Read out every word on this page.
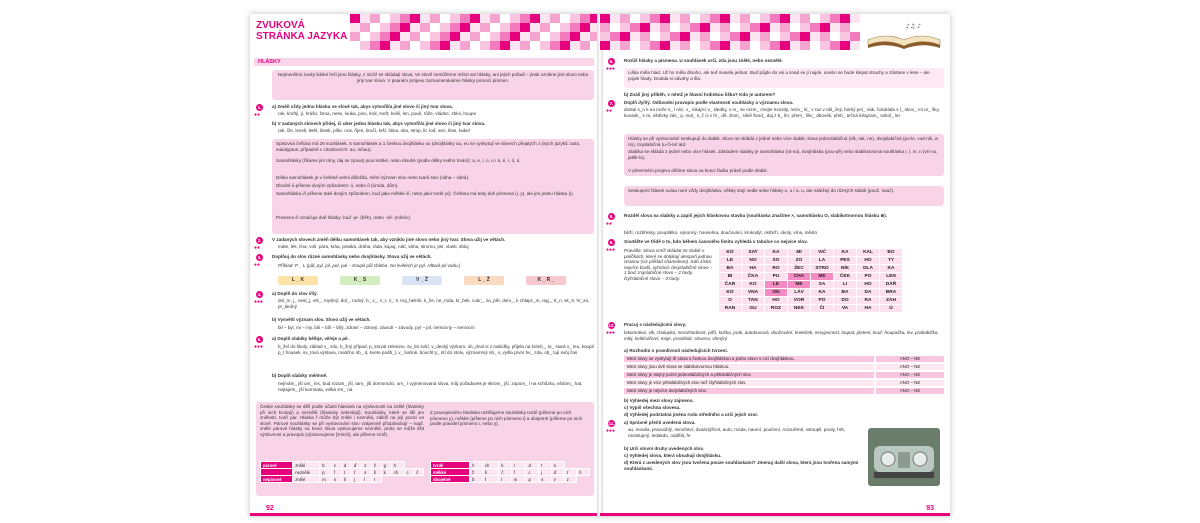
ZVUKOVÁ
STRÁNKA JAZYKA
HLÁSKY
Nejmenšími zvuky lidské řeči jsou hlásky, z nichž se skládají slova. Ve slově nemůžeme měnit ani hlásky, ani jejich pořadí – jinak vznikne jiné slovo nebo jiný tvar slova. V psaném projevu zaznamenáváme hlásky pomocí písmen.
1.
●●
a) Změň vždy jednu hlásku ve slově tak, abys vytvořil/a jiné slovo či jiný tvar slova.
rak, kroftý, jí, hrášo, žena, nese, louka, pivo, král, mořt, kvěli, len, poulí, růže, vládne, zbloi, houpe
b) V zadaných slovech přidej, či uber jednu hlásku tak, abys vytvořil/a jiné slovo či jiný tvar slova.
rak, lže, lezeš, letět, blesk, píše, nos, říjen, bručí, krší, litina, oka, strop, lit, loď, sen, klas, kabel
Spisovná čeština má 26 souhlásek, 5 samohlásek a 1 českou dvojhlásku ou (dvojhlásky au, eu se vyskytují ve slovech přejatých z jiných jazyků: auto, eukalyptus; případně v citoslovcích: au, mňau).
Samohlásky (říkáme jim tóny, daj se zpívat) jsou krátké, nebo dlouhé (podle délky svého trvání): a, e, i, o, u / á, é, í, ó, ú.
Délka samohlásek je v češtině velmi důležitá, mění význam slov nebo tvarů slov (váha – váhá).
Dlouhé ú píšeme dvojím způsobem: ú, nebo ů (úroda, dům).
Samohlásku i/í píšeme také dvojím způsobem, buď jako měkké i/í, nebo jako tvrdé y/ý. Čeština má tedy dvě písmena (i, y), ale jen jednu hlásku (i).
Písmeno ě označuje dvě hlásky: buď -je- (běh), nebo -ně- (měsíc).
2.
●●
V zadaných slovech změň délku samohlásek tak, aby vzniklo jiné slovo nebo jiný tvar. Slova užij ve větách.
máte, lék, lína, volí, pára, kráa, praská, dráha, ráda, kupuj, nátí, váha, stromu, psí, vlasti, sbluj
3.
●●
Doplňuj do slov různé samohlásky nebo dvojhlásky. Slova užij ve větách.
Příklad: P _ L (půl, pyl, pil, pel, pal – Koupil půl chleba. Na květech je pyl. Hltavě pil vodu.)
L _ K	K _ S	V _ Ž	L _ Ž	K _ R _
4.
●●●
a) Doplň do slov i/í/ý.
dol_m, j_ nest_j, vrk_, myslný, dol_, rodný, b_ z_, n_t, n_ 3, troj_helník, k_že, ne_roda, kr_bek, cukr_, za_pět, dom_, k chlapc_m, rag_, tr_n, sk_tr, hr_za, pr_tiedný
b) Vysvětli význam slov. Slovo užij ve větách.
bil – byl, mi – my, bili – bílí – bílý, zdraví – zdravý, závodí – závody, pyl – pil, nemocný – nemocní
5.
●●●
a) Doplň slabiky bě/bje, vě/vje a pě.
b_žel do školy, základ v_ zdu, b_žný případ, p_stoval zeleninu, sv_tlo svítí, v_decký výzkum, ob_dnal si z nabídky, přijela na koleb_, to_ stará v_ leu, koupil p_t housek, sv_tová výstava, matično ob_ d, kvete podb_l, v_ bahně, bouchl p_ stí do stolu, význammý ob_ v, vyšla první hv_ zda, ob_ tují svůj čas
b) Doplň slabiky mě/mně.
nejmám_ jší um_ lec, bud rozum_ jší, tam_ jší domorodci, um_ l vyjmenovaná slova, můj požadavek je skrom_ jší, zapom_ l na schůzku, vědom_ hat, nejtajem_ jší komnata, velká zm_ na
České souhlásky se dělí podle účasti hlasivek na výslovnosti na znělé (hlasivky při nich kmitají) a neznělé (hlasivky nekmitají). Souhlásky, které se liší jen znělostí, tvoří pár. Hláska ř může být znělé i neznělá, záleží na její pozici ve slově. Párové souhlásky se při vyslovování slov vzájemně přizpůsobují – např. znělé párové hlásky na konci slova vyslovujeme neznělé, proto se může lišit výslovnost a pravopis (výslovnujeme [zmich], ale píšeme zmiř).
Z pravopisného hlediska rozlišujeme souhlásky tvrdé (píšeme po nich písmeno y), měkké (píšeme po nich písmeno i) a obojetné (píšeme po nich podle pravidel písmeno i, nebo y).
párové	znělé	b	v	d	ď	z	ž	g	h		
	neznělé	p	f	t	ť	s	š	k	ch	c	č
nepárové	znělé	m	n	ň	j	l	r				
tvrdé	h	ch	k	r	d	t	n		
měkké	ž	š	č	ř	c	j	ď	ť	ň
obojetné	b	f	l	m	p	s	v	z	
92
♪♫ ♪
6.
●●●
Rozliš hlásky a písmena. U souhlásek urči, zda jsou znělé, nebo neznělé.
Liška měla hlad. Už ho měla dlouho, ale teď musela jednat. Buď půjde do vsi a snad se jí najde, anebo se bude klepat strachy a zůstane v lese – ale pojde hlady. Dodala si odvahy a šla.
b) Znáš jiný příběh, v němž je hlavní hrdinkou liška? Kdo je autorem?
7.
●●
Doplň i/y/í/ý. Odůvodni pravopis podle vlastností souhlásky a významu slova.
dostal s_n k na moře s_ l nici, v_ nikající v_ sledky, v m_ se rozm_ chejte hvozdy, nezv_ kl_ v raz v obl_čeji, horký pel_ nák, čokoláda s l_ skov_ mi or_ šky, kousek_ s ra, oštěvky zás_ p, mal_ s_č ci v hr_ dě, zlom_ silně švod_ daj z b_ lín, přem_ šliv_ dbovék, přeb_ tečná kilogram_ sokol_ let
Hlásky se při vyslovování seskupují do slabik. Slovo se skládá z jedné nebo více slabik: slova jednoslabičná (vlk, rak, ne), dvojslabičná (po-le, vod-ník, a-no), trojslabičná (u-či-teľ atd.
Slabika se skládá z jedné nebo více hlásek. Základem slabiky je samohláska (rá-na), dvojhláska (pou-pě) nebo slabikotvorná souhláska r, l, m, n (vrí-no, jablk-lo).
V písemném projevu dělíme slova na konci řádku právě podle slabik.
Seskupení hlásek ou/au není vždy dvojhláska, někdy stojí vedle sebe hlásky o, u / a, u, ale náležejí do různých slabik (pouč, nauč).
8.
●●
Rozděl slova na slabiky a zapiš jejich hláskovou stavbu (souhláska značíme ×, samohlásku O, slabikotvornou hlásku ⊗).
běží, rozbřesky, pouplátko, vykonný, houserka, doučování, krokodýl, ostřeží, úkoly, vína, město
9.
●●●
Soutěžte ve třídě o to, kdo během časového limitu vyhledá v tabulce co nejvíce slov.
Pravidla: Slova smíš skládat ze slabik v políčkách, které se dotýkají alespoň jednou stranou (viz příklad chameleon). Kdo získá nejvíce bodů, vyhrává: dvojslabičné slovo – 1 bod, trojslabičné slovo – 2 body, čtyřslabičné slovo – 3 body.
KO	SAT	KA	MI	VIĆ	KA	KAL	BO
LE	NO	SO	ZO	LA	PES	HO	TY
BA	HA	RO	ŽEC	STRO	NÍK	DLA	KA
BI	ČKA	PU	CHA	ME	ČEK	PO	LEN
ČAR	KO	LE	ME	SA	LI	HO	DÁŘ
KO	VNA	ON	LÁV	KA	BA	DA	BRA
O	TAN	HO	VOR	PO	DO	RA	ZAH
RAN	GU	ROZ	NEK	ČI	VA	HA	Ú
10.
●●●
Pracuj s následujícími slovy.
lokomotiva, vlk, chalupka, nerozhodnost, pilčí, kočka, prak, autobusová, doučování, kreteček, nevyjasnost, loupat, pletení, kouř, houpačka, lev, prababička, mléj, květinářství, moje, prosklotit, slovesa, vhmýrý
a) Rozhodni o pravdivosti následujících tvrzení.
Mezi slovy se vyskytují tři slova s českou dvojhláskou a jedno slovo s cizí dvojhláskou.	ANO – NE
Mezi slovy jsou dvě slova se slabikotvornou hláskou.	ANO – NE
Mezi slovy je stejný počet jednoslabičných a pětislabičných slov.	ANO – NE
Mezi slovy je více pětislabičných slov než čtyřslabičných slov.	ANO – NE
Mezi slovy je nejvíce dvojslabičných slov.	ANO – NE
b) Vyhledej mezi slovy zájmeno.
c) Vypiš všechna slovesa.
d) Vyhledej podstatná jména rodu středního a urči jejich vzor.
11.
●●●
a) Správně přečti uvedená slova.
au, mouka, pravoúhlý, minořství, dvaáctýřicet, auto, móda, naumí, poučení, rozouřeně, vstoupil, pouty, hrb, neústupný, ledakdo, oddělit, ře
b) Urči slovní druhy uvedených slov.
c) Vyhledej slova, která obsahují dvojhlásku.
d) Která z uvedených slov jsou tvořena pouze souhláskami? Jmenuj další slova, která jsou tvořena samými souhláskami.
93
